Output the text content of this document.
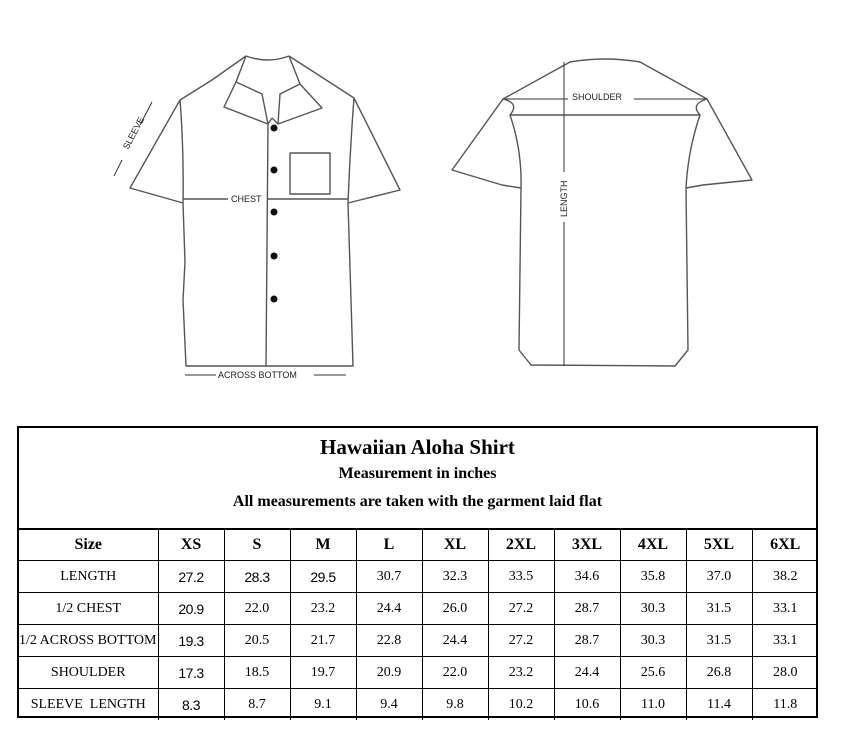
SLEEVE
CHEST
ACROSS BOTTOM
SHOULDER
LENGTH
Hawaiian Aloha Shirt
Measurement in inches
All measurements are taken with the garment laid flat
Size	XS	S	M	L	XL	2XL	3XL	4XL	5XL	6XL
LENGTH	27.2	28.3	29.5	30.7	32.3	33.5	34.6	35.8	37.0	38.2
1/2 CHEST	20.9	22.0	23.2	24.4	26.0	27.2	28.7	30.3	31.5	33.1
1/2 ACROSS BOTTOM	19.3	20.5	21.7	22.8	24.4	27.2	28.7	30.3	31.5	33.1
SHOULDER	17.3	18.5	19.7	20.9	22.0	23.2	24.4	25.6	26.8	28.0
SLEEVE  LENGTH	8.3	8.7	9.1	9.4	9.8	10.2	10.6	11.0	11.4	11.8
